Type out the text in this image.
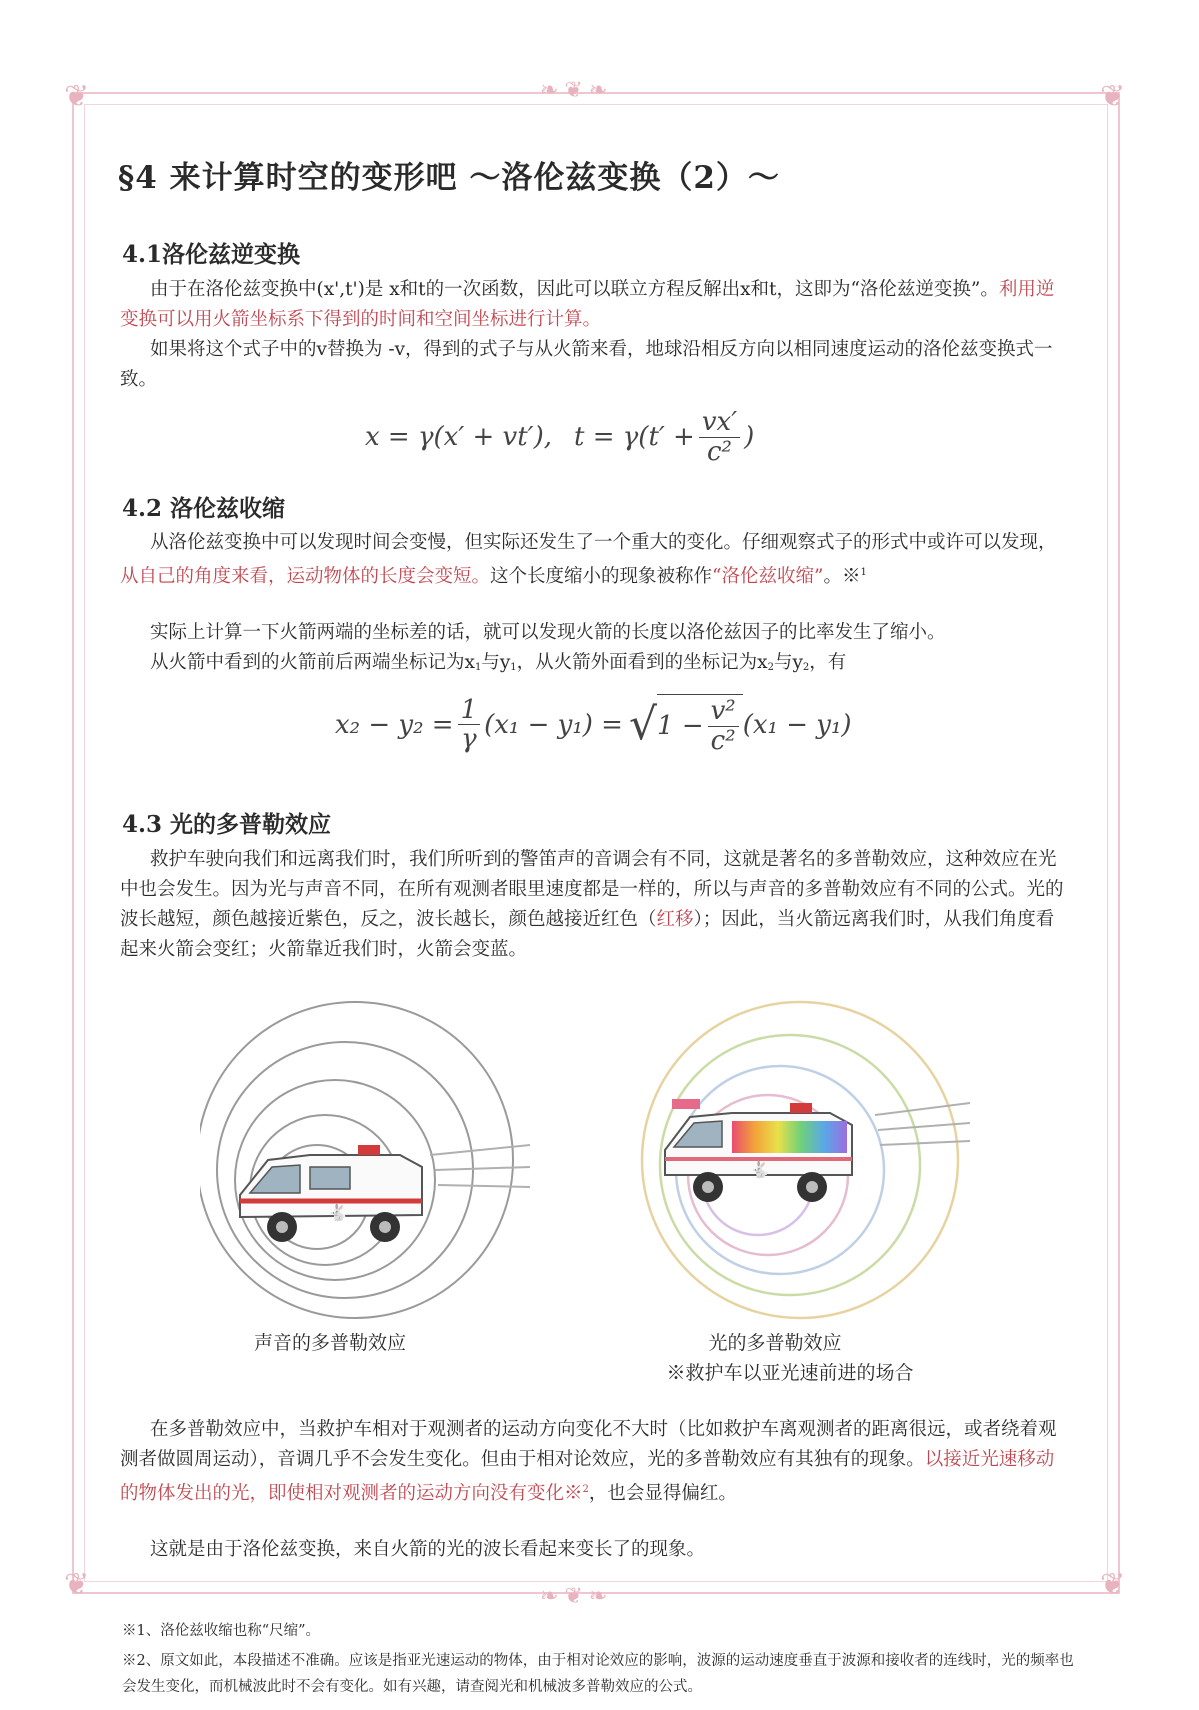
❦	❦
❦	❦
❧❦❧
❧❦❧
§4 来计算时空的变形吧 ～洛伦兹变换（2）～
4.1洛伦兹逆变换

由于在洛伦兹变换中(x',t')是 x和t的一次函数，因此可以联立方程反解出x和t，这即为“洛伦兹逆变换”。利用逆变换可以用火箭坐标系下得到的时间和空间坐标进行计算。

如果将这个式子中的v替换为 -v，得到的式子与从火箭来看，地球沿相反方向以相同速度运动的洛伦兹变换式一致。

x = γ(x′ + vt′), $t = \gamma(t' + \frac{vx'}{\text{c²}}$ )
4.2 洛伦兹收缩

从洛伦兹变换中可以发现时间会变慢，但实际还发生了一个重大的变化。仔细观察式子的形式中或许可以发现，从自己的角度来看，运动物体的长度会变短。这个长度缩小的现象被称作“洛伦兹收缩”。※$^1$

实际上计算一下火箭两端的坐标差的话，就可以发现火箭的长度以洛伦兹因子的比率发生了缩小。

从火箭中看到的火箭前后两端坐标记为$x_1$与$y_1$，从火箭外面看到的坐标记为$x_2$与$y_2$，有

$x_2 - y_2 = \frac{1}{\gamma} (x_1 - y_1)$ = √ $1 - \frac{\text{v²}}{\text{c²}} (x_1 - y_1)$
4.3 光的多普勒效应

救护车驶向我们和远离我们时，我们所听到的警笛声的音调会有不同，这就是著名的多普勒效应，这种效应在光中也会发生。因为光与声音不同，在所有观测者眼里速度都是一样的，所以与声音的多普勒效应有不同的公式。光的波长越短，颜色越接近紫色，反之，波长越长，颜色越接近红色（红移）；因此，当火箭远离我们时，从我们角度看起来火箭会变红；火箭靠近我们时，火箭会变蓝。

🐇
声音的多普勒效应
🐇
光的多普勒效应
※救护车以亚光速前进的场合

在多普勒效应中，当救护车相对于观测者的运动方向变化不大时（比如救护车离观测者的距离很远，或者绕着观测者做圆周运动），音调几乎不会发生变化。但由于相对论效应，光的多普勒效应有其独有的现象。以接近光速移动的物体发出的光，即使相对观测者的运动方向没有变化※$^2$，也会显得偏红。

这就是由于洛伦兹变换，来自火箭的光的波长看起来变长了的现象。

※1、洛伦兹收缩也称“尺缩”。

※2、原文如此，本段描述不准确。应该是指亚光速运动的物体，由于相对论效应的影响，波源的运动速度垂直于波源和接收者的连线时，光的频率也会发生变化，而机械波此时不会有变化。如有兴趣，请查阅光和机械波多普勒效应的公式。
